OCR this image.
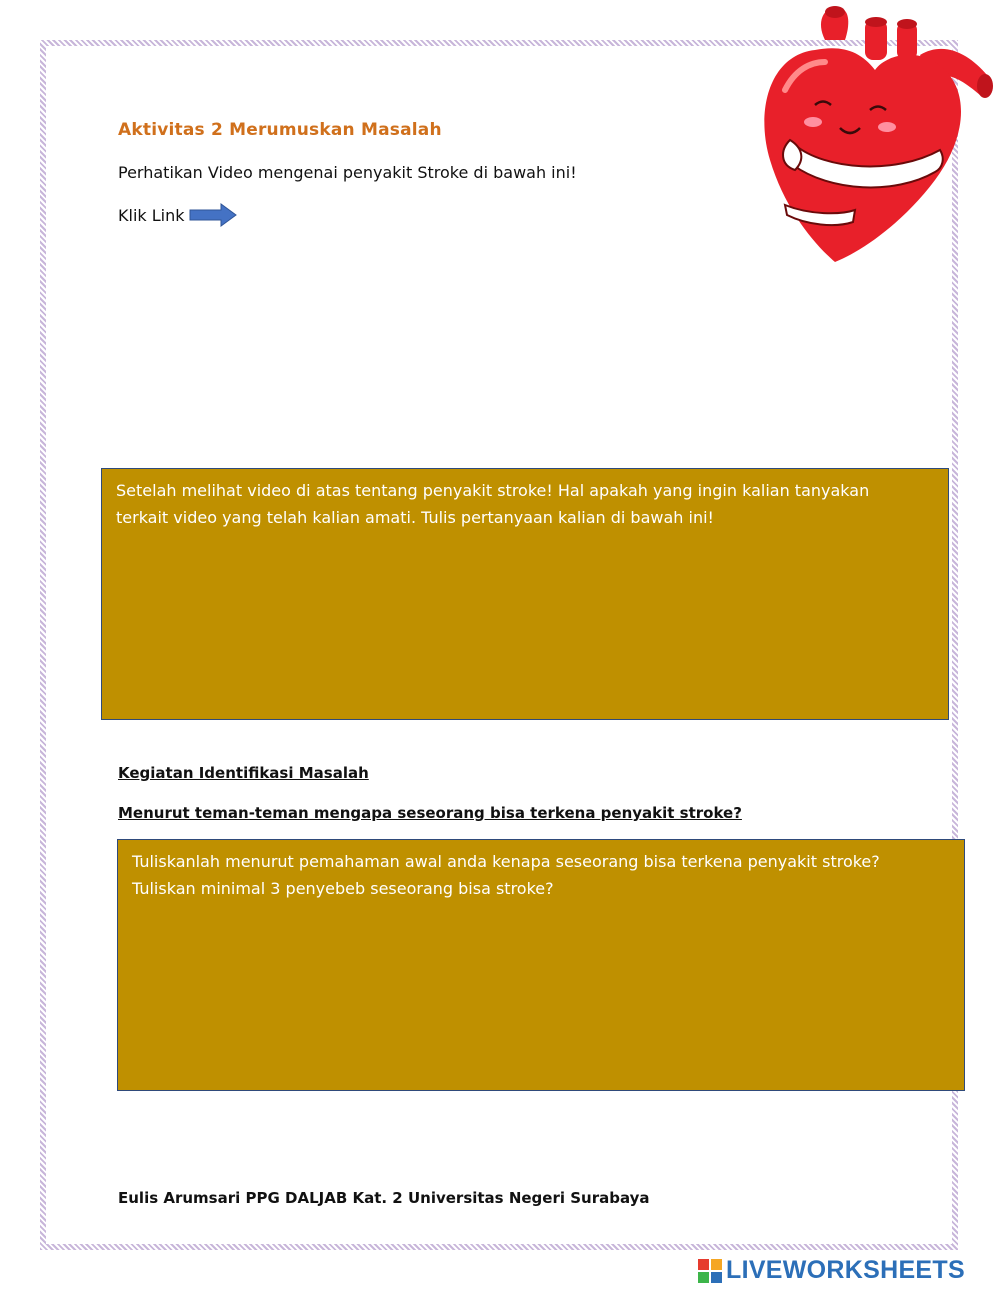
Aktivitas 2 Merumuskan Masalah
Perhatikan Video mengenai penyakit Stroke di bawah ini!
Klik Link
Setelah melihat video di atas tentang penyakit stroke! Hal apakah yang ingin kalian tanyakan
terkait video yang telah kalian amati. Tulis pertanyaan kalian di bawah ini!
Kegiatan Identifikasi Masalah
Menurut teman-teman mengapa seseorang bisa terkena penyakit stroke?
Tuliskanlah menurut pemahaman awal anda kenapa seseorang bisa terkena penyakit stroke?
Tuliskan minimal 3 penyebeb seseorang bisa stroke?
Eulis Arumsari PPG DALJAB Kat. 2 Universitas Negeri Surabaya
LIVEWORKSHEETS
